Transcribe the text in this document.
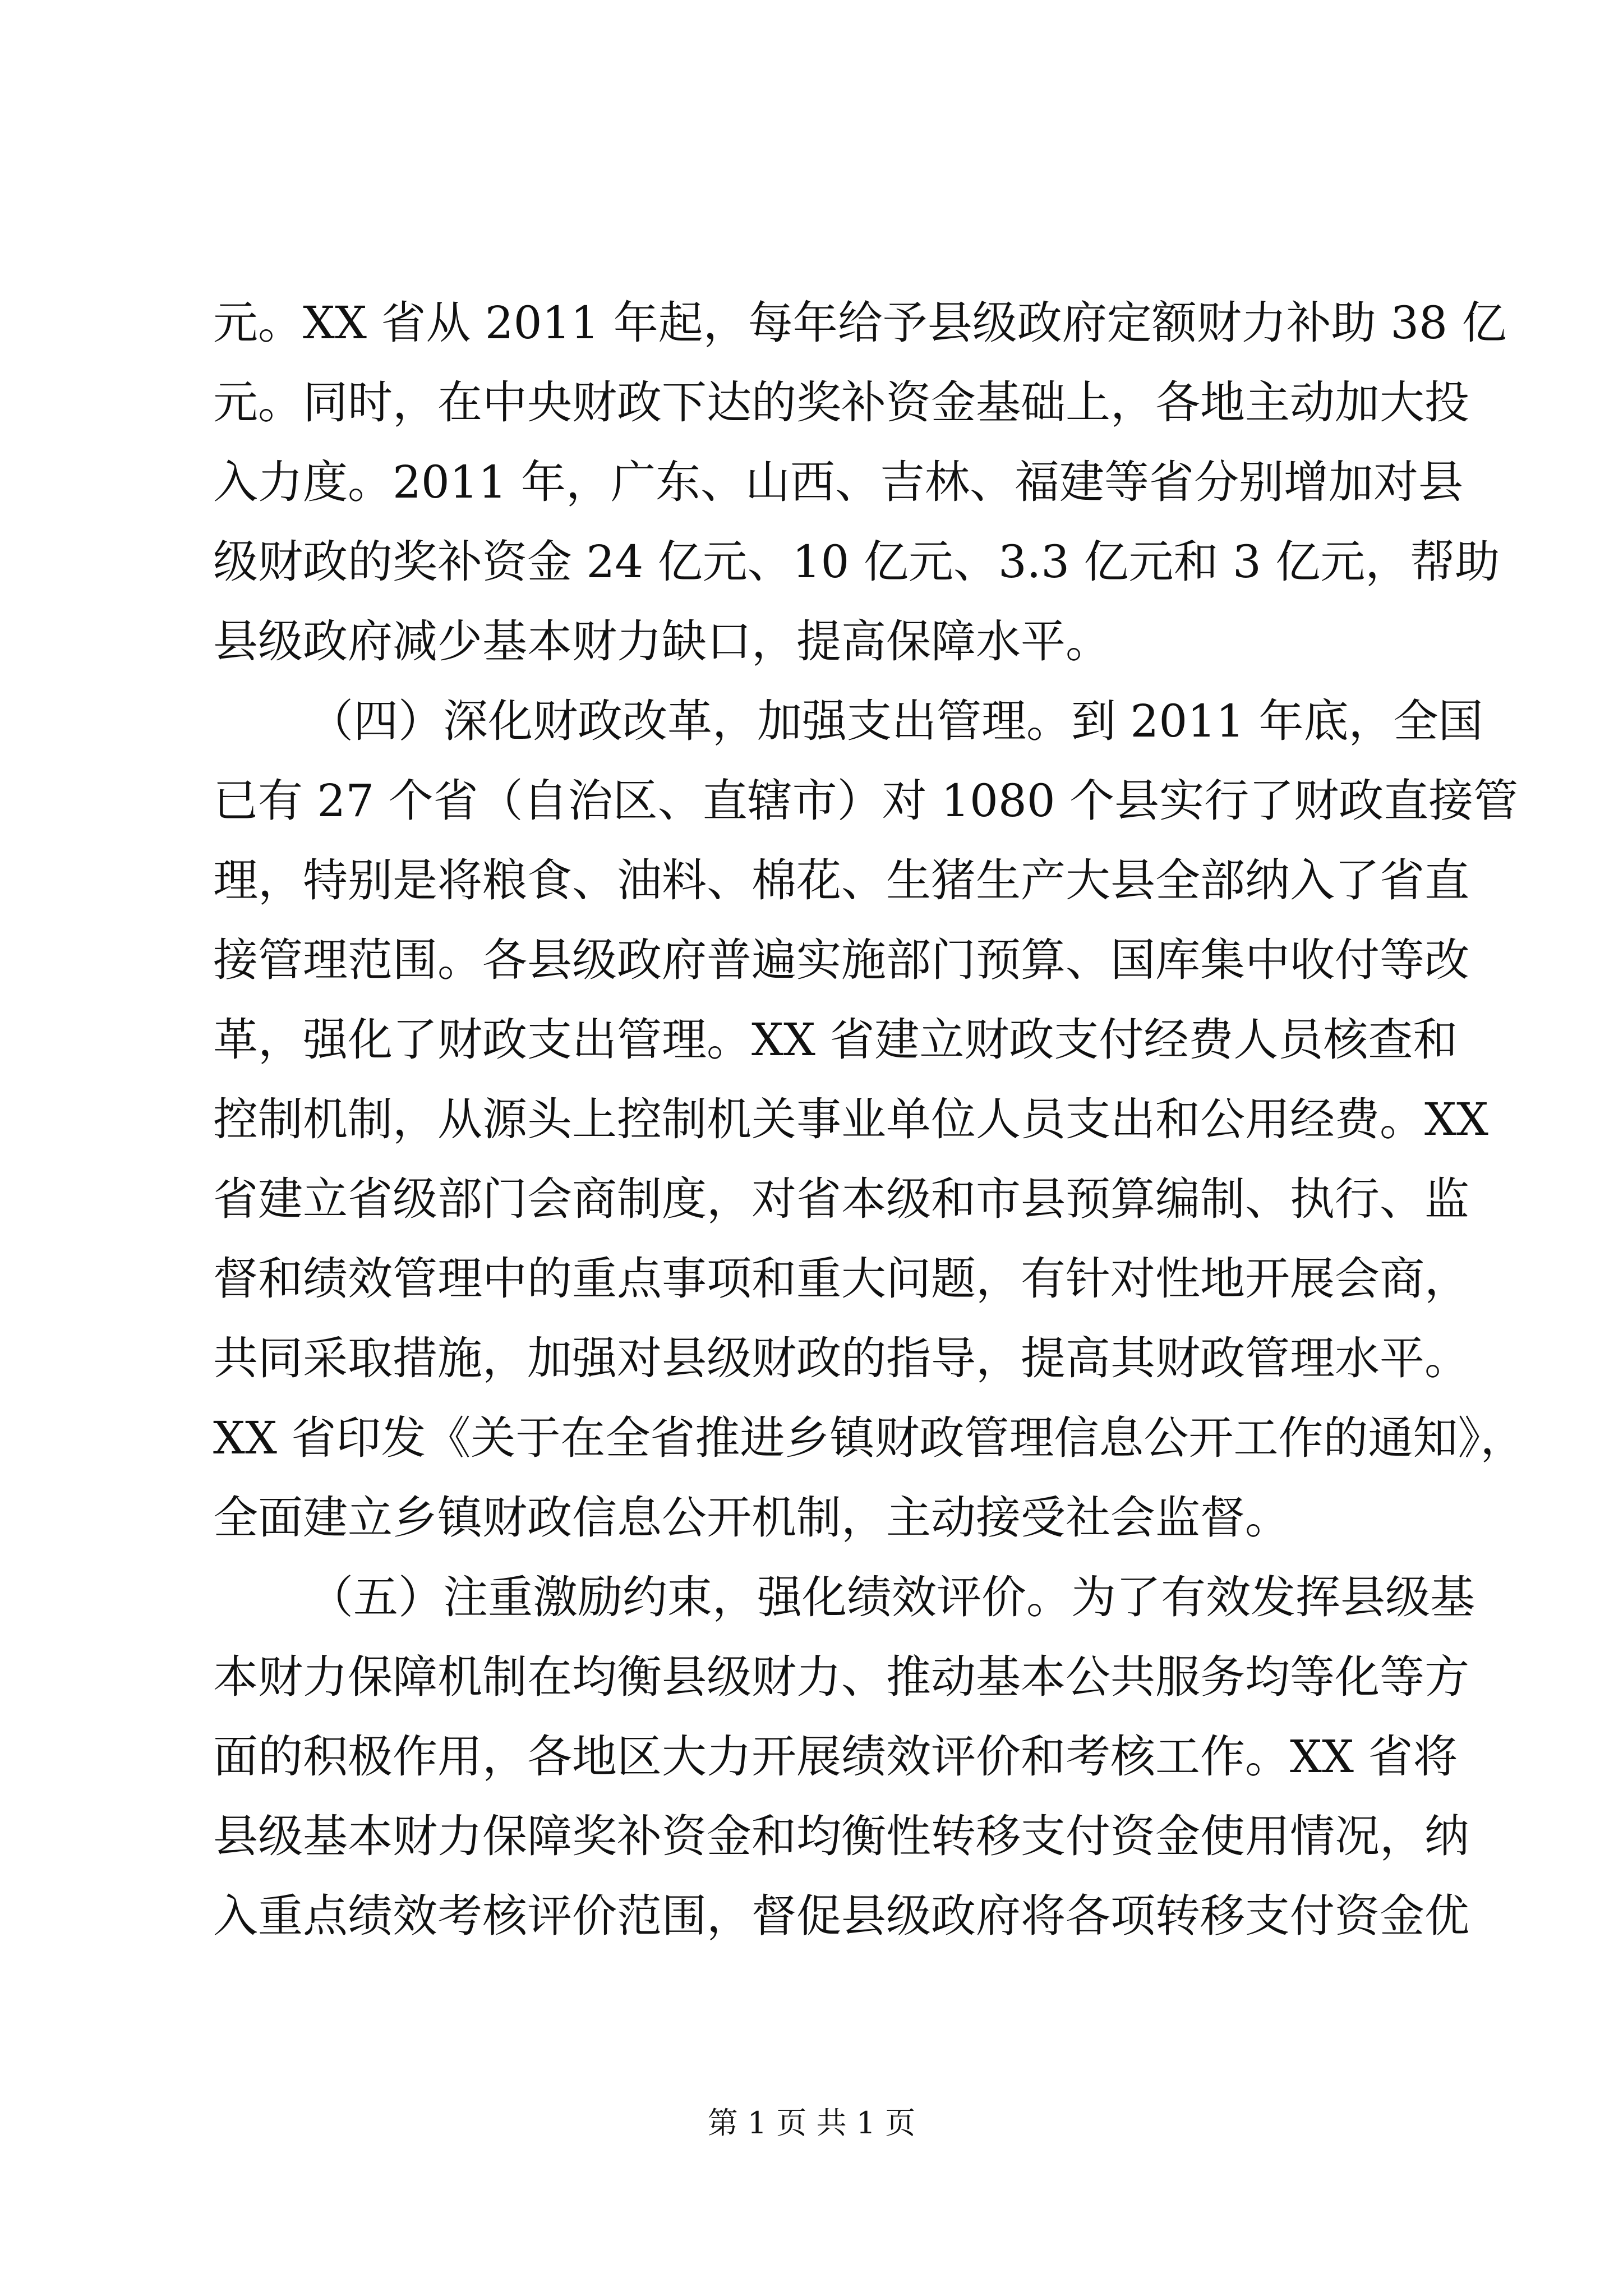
元。XX 省从 2011 年起，每年给予县级政府定额财力补助 38 亿
元。同时，在中央财政下达的奖补资金基础上，各地主动加大投
入力度。2011 年，广东、山西、吉林、福建等省分别增加对县
级财政的奖补资金 24 亿元、10 亿元、3.3 亿元和 3 亿元，帮助
县级政府减少基本财力缺口，提高保障水平。
（四）深化财政改革，加强支出管理。到 2011 年底，全国
已有 27 个省（自治区、直辖市）对 1080 个县实行了财政直接管
理，特别是将粮食、油料、棉花、生猪生产大县全部纳入了省直
接管理范围。各县级政府普遍实施部门预算、国库集中收付等改
革，强化了财政支出管理。XX 省建立财政支付经费人员核查和
控制机制，从源头上控制机关事业单位人员支出和公用经费。XX
省建立省级部门会商制度，对省本级和市县预算编制、执行、监
督和绩效管理中的重点事项和重大问题，有针对性地开展会商，
共同采取措施，加强对县级财政的指导，提高其财政管理水平。
XX 省印发《关于在全省推进乡镇财政管理信息公开工作的通知》，
全面建立乡镇财政信息公开机制，主动接受社会监督。
（五）注重激励约束，强化绩效评价。为了有效发挥县级基
本财力保障机制在均衡县级财力、推动基本公共服务均等化等方
面的积极作用，各地区大力开展绩效评价和考核工作。XX 省将
县级基本财力保障奖补资金和均衡性转移支付资金使用情况，纳
入重点绩效考核评价范围，督促县级政府将各项转移支付资金优
第 1 页 共 1 页
